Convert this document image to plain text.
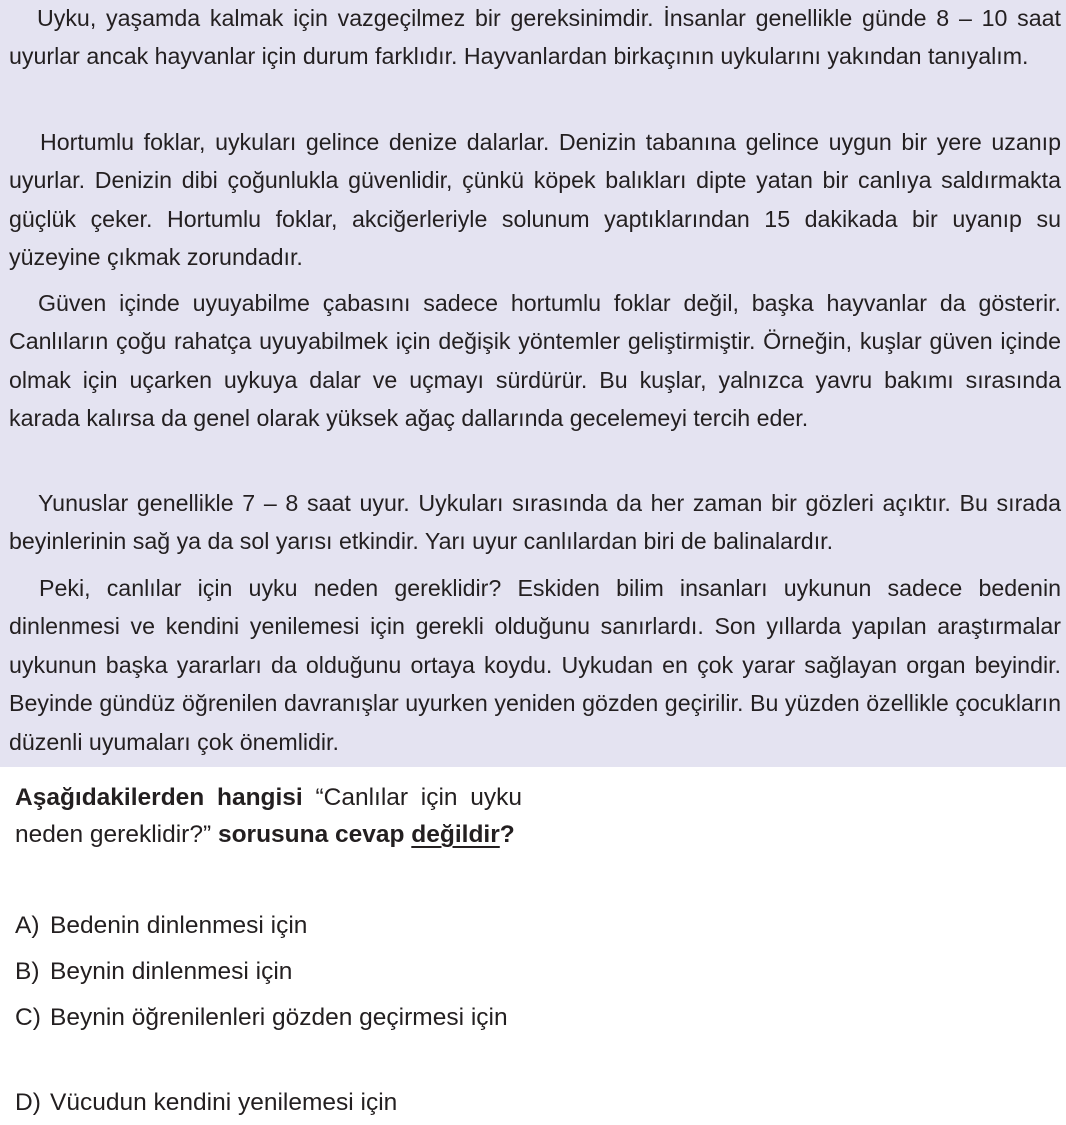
Uyku, yaşamda kalmak için vazgeçilmez bir gereksinimdir. İnsanlar genellikle günde 8 – 10 saat uyurlar ancak hayvanlar için durum farklıdır. Hayvanlardan birkaçının uykularını yakından tanıyalım.

Hortumlu foklar, uykuları gelince denize dalarlar. Denizin tabanına gelince uygun bir yere uzanıp uyurlar. Denizin dibi çoğunlukla güvenlidir, çünkü köpek balıkları dipte yatan bir canlıya saldırmakta güçlük çeker. Hortumlu foklar, akciğerleriyle solunum yaptıklarından 15 dakikada bir uyanıp su yüzeyine çıkmak zorundadır.

Güven içinde uyuyabilme çabasını sadece hortumlu foklar değil, başka hayvanlar da gösterir. Canlıların çoğu rahatça uyuyabilmek için değişik yöntemler geliştirmiştir. Örneğin, kuşlar güven içinde olmak için uçarken uykuya dalar ve uçmayı sürdürür. Bu kuşlar, yalnızca yavru bakımı sırasında karada kalırsa da genel olarak yüksek ağaç dallarında gecelemeyi tercih eder.

Yunuslar genellikle 7 – 8 saat uyur. Uykuları sırasında da her zaman bir gözleri açıktır. Bu sırada beyinlerinin sağ ya da sol yarısı etkindir. Yarı uyur canlılardan biri de balinalardır.

Peki, canlılar için uyku neden gereklidir? Eskiden bilim insanları uykunun sadece bedenin dinlenmesi ve kendini yenilemesi için gerekli olduğunu sanırlardı. Son yıllarda yapılan araştırmalar uykunun başka yararları da olduğunu ortaya koydu. Uykudan en çok yarar sağlayan organ beyindir. Beyinde gündüz öğrenilen davranışlar uyurken yeniden gözden geçirilir. Bu yüzden özellikle çocukların düzenli uyumaları çok önemlidir.

Aşağıdakilerden hangisi “Canlılar için uyku neden gereklidir?” sorusuna cevap değildir?

A) Bedenin dinlenmesi için
B) Beynin dinlenmesi için
C) Beynin öğrenilenleri gözden geçirmesi için
D) Vücudun kendini yenilemesi için
